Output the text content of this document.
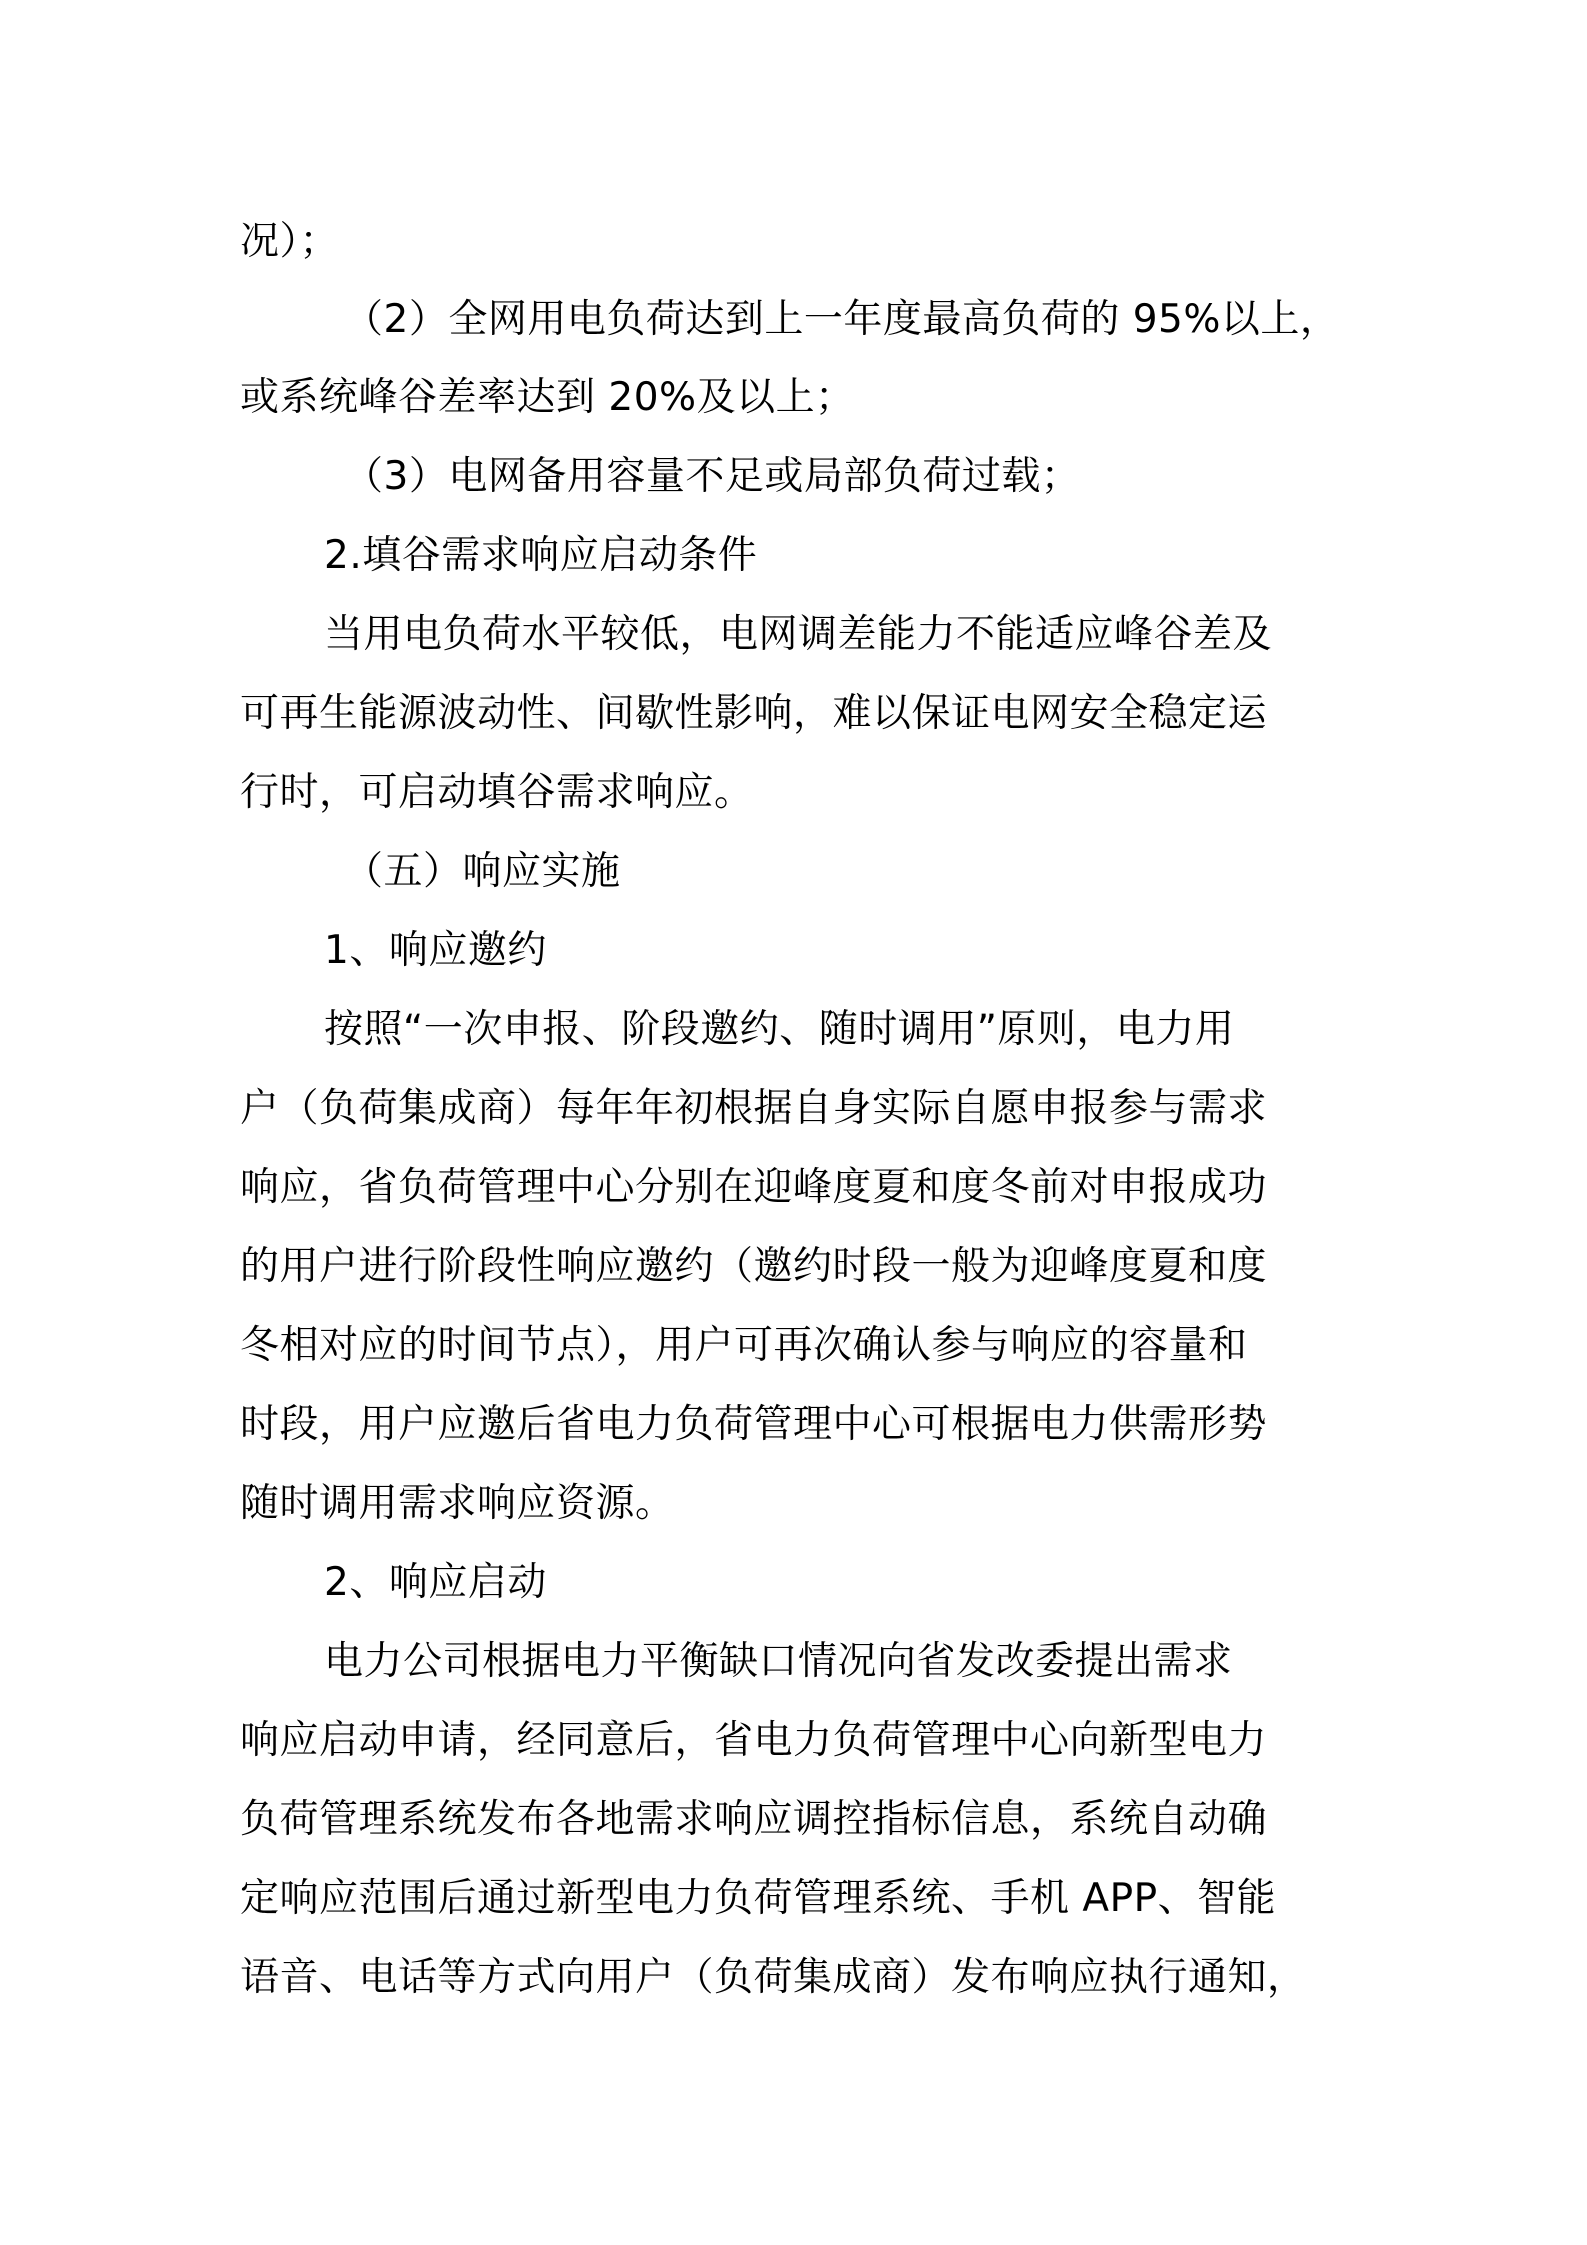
况）；
（2）全网用电负荷达到上一年度最高负荷的 95%以上，
或系统峰谷差率达到 20%及以上；
（3）电网备用容量不足或局部负荷过载；
2.填谷需求响应启动条件
当用电负荷水平较低，电网调差能力不能适应峰谷差及
可再生能源波动性、间歇性影响，难以保证电网安全稳定运
行时，可启动填谷需求响应。
（五）响应实施
1、响应邀约
按照“一次申报、阶段邀约、随时调用”原则，电力用
户（负荷集成商）每年年初根据自身实际自愿申报参与需求
响应，省负荷管理中心分别在迎峰度夏和度冬前对申报成功
的用户进行阶段性响应邀约（邀约时段一般为迎峰度夏和度
冬相对应的时间节点），用户可再次确认参与响应的容量和
时段，用户应邀后省电力负荷管理中心可根据电力供需形势
随时调用需求响应资源。
2、响应启动
电力公司根据电力平衡缺口情况向省发改委提出需求
响应启动申请，经同意后，省电力负荷管理中心向新型电力
负荷管理系统发布各地需求响应调控指标信息，系统自动确
定响应范围后通过新型电力负荷管理系统、手机 APP、智能
语音、电话等方式向用户（负荷集成商）发布响应执行通知，
